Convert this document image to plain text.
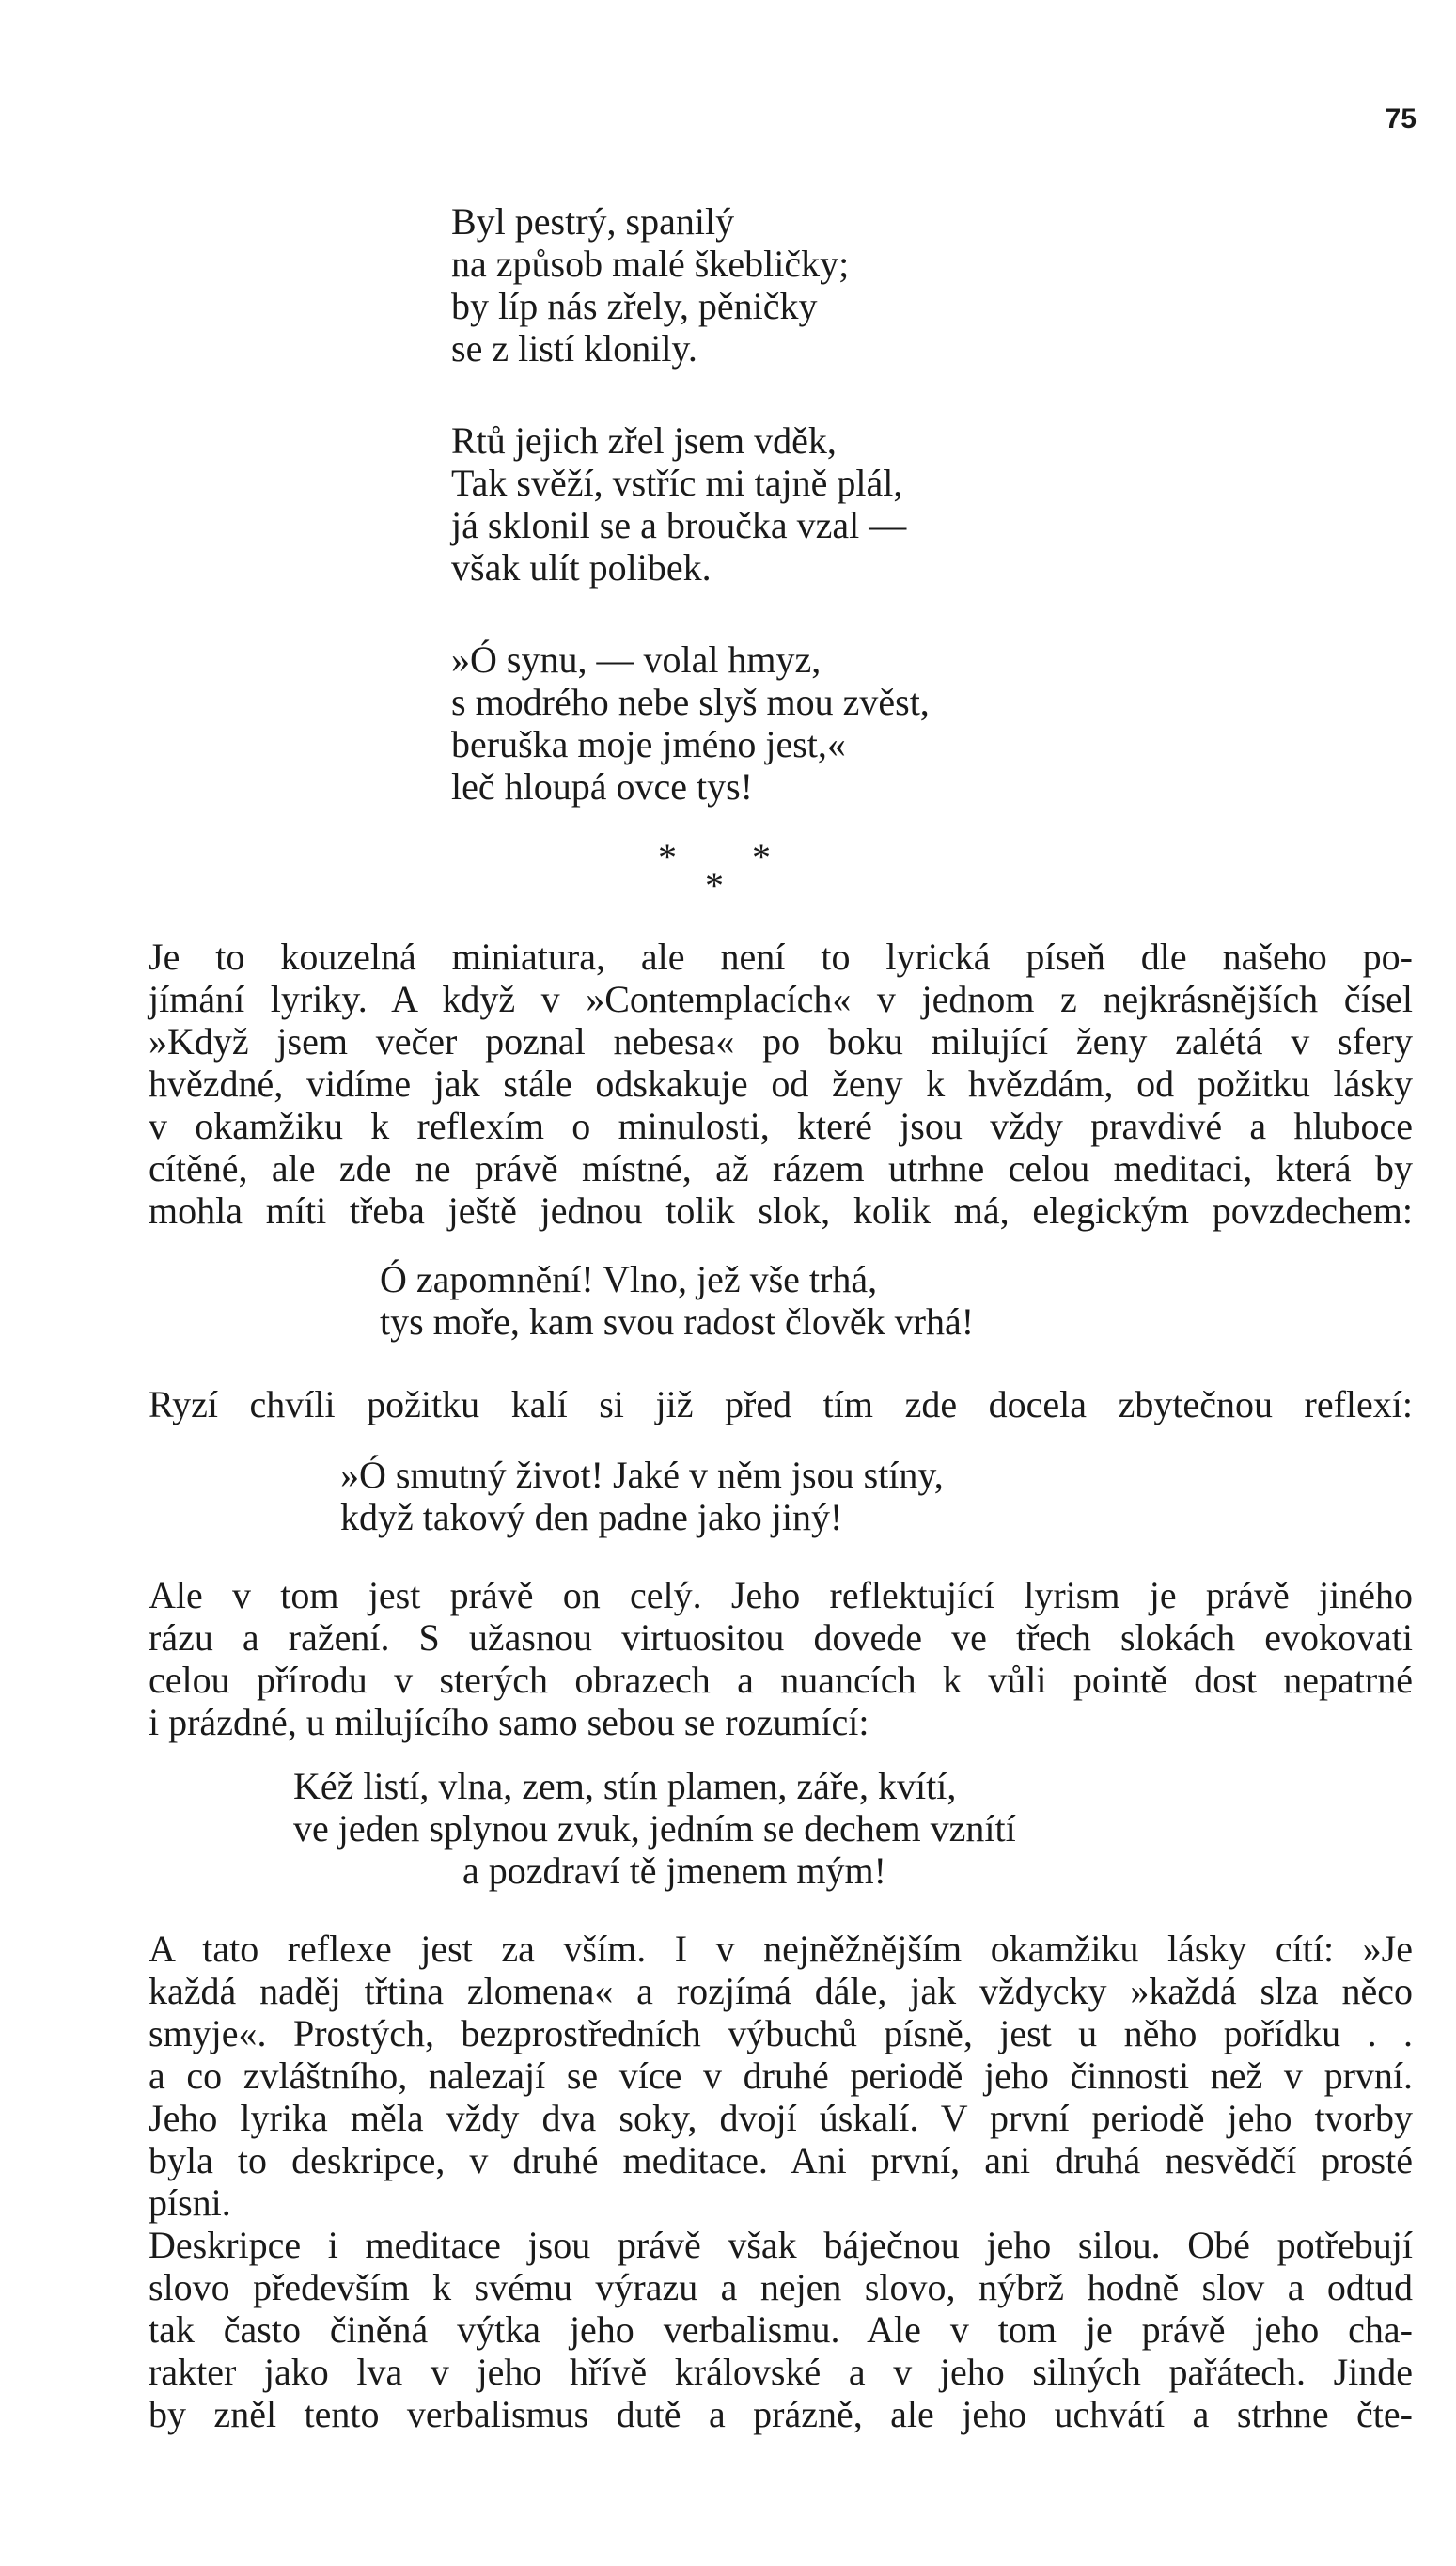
75
Byl pestrý, spanilý
na způsob malé škebličky;
by líp nás zřely, pěničky
se z listí klonily.
Rtů jejich zřel jsem vděk,
Tak svěží, vstříc mi tajně plál,
já sklonil se a broučka vzal —
však ulít polibek.
»Ó synu, — volal hmyz,
s modrého nebe slyš mou zvěst,
beruška moje jméno jest,«
leč hloupá ovce tys!
* *
*
Je to kouzelná miniatura, ale není to lyrická píseň dle našeho po-
jímání lyriky. A když v »Contemplacích« v jednom z nejkrásnějších čísel
»Když jsem večer poznal nebesa« po boku milující ženy zalétá v sfery
hvězdné, vidíme jak stále odskakuje od ženy k hvězdám, od požitku lásky
v okamžiku k reflexím o minulosti, které jsou vždy pravdivé a hluboce
cítěné, ale zde ne právě místné, až rázem utrhne celou meditaci, která by
mohla míti třeba ještě jednou tolik slok, kolik má, elegickým povzdechem:
Ó zapomnění! Vlno, jež vše trhá,
tys moře, kam svou radost člověk vrhá!
Ryzí chvíli požitku kalí si již před tím zde docela zbytečnou reflexí:
»Ó smutný život! Jaké v něm jsou stíny,
když takový den padne jako jiný!
Ale v tom jest právě on celý. Jeho reflektující lyrism je právě jiného
rázu a ražení. S užasnou virtuositou dovede ve třech slokách evokovati
celou přírodu v sterých obrazech a nuancích k vůli pointě dost nepatrné
i prázdné, u milujícího samo sebou se rozumící:
Kéž listí, vlna, zem, stín plamen, záře, kvítí,
ve jeden splynou zvuk, jedním se dechem vznítí
a pozdraví tě jmenem mým!
A tato reflexe jest za vším. I v nejněžnějším okamžiku lásky cítí: »Je
každá naděj třtina zlomena« a rozjímá dále, jak vždycky »každá slza něco
smyje«. Prostých, bezprostředních výbuchů písně, jest u něho pořídku . .
a co zvláštního, nalezají se více v druhé periodě jeho činnosti než v první.
Jeho lyrika měla vždy dva soky, dvojí úskalí. V první periodě jeho tvorby
byla to deskripce, v druhé meditace. Ani první, ani druhá nesvědčí prosté
písni.
Deskripce i meditace jsou právě však báječnou jeho silou. Obé potřebují
slovo především k svému výrazu a nejen slovo, nýbrž hodně slov a odtud
tak často činěná výtka jeho verbalismu. Ale v tom je právě jeho cha-
rakter jako lva v jeho hřívě královské a v jeho silných pařátech. Jinde
by zněl tento verbalismus dutě a prázně, ale jeho uchvátí a strhne čte-
